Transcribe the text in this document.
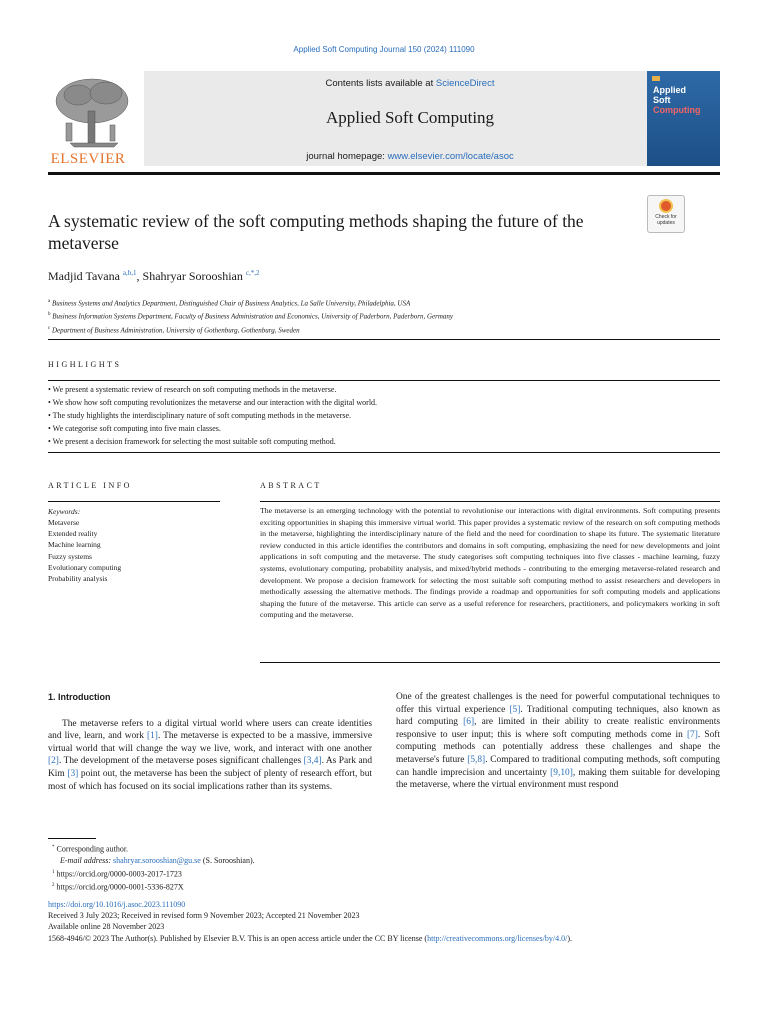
Applied Soft Computing Journal 150 (2024) 111090
ELSEVIER
Contents lists available at ScienceDirect
Applied Soft Computing
journal homepage: www.elsevier.com/locate/asoc
Applied
Soft
Computing
A systematic review of the soft computing methods shaping the future of the metaverse
Check for updates
Madjid Tavana $^{a,b,1}$, Shahryar Sorooshian $^{c,*,2}$
$^a$ Business Systems and Analytics Department, Distinguished Chair of Business Analytics, La Salle University, Philadelphia, USA
$^b$ Business Information Systems Department, Faculty of Business Administration and Economics, University of Paderborn, Paderborn, Germany
$^c$ Department of Business Administration, University of Gothenburg, Gothenburg, Sweden
HIGHLIGHTS
• We present a systematic review of research on soft computing methods in the metaverse.
• We show how soft computing revolutionizes the metaverse and our interaction with the digital world.
• The study highlights the interdisciplinary nature of soft computing methods in the metaverse.
• We categorise soft computing into five main classes.
• We present a decision framework for selecting the most suitable soft computing method.
ARTICLE INFO
Keywords:
Metaverse
Extended reality
Machine learning
Fuzzy systems
Evolutionary computing
Probability analysis
ABSTRACT

The metaverse is an emerging technology with the potential to revolutionise our interactions with digital environments. Soft computing presents exciting opportunities in shaping this immersive virtual world. This paper provides a systematic review of the research on soft computing methods in the metaverse, highlighting the interdisciplinary nature of the field and the need for coordination to shape its future. The systematic literature review conducted in this article identifies the contributors and domains in soft computing, emphasizing the need for new developments and joint applications in soft computing and the metaverse. The study categorises soft computing techniques into five classes - machine learning, fuzzy systems, evolutionary computing, probability analysis, and mixed/hybrid methods - contributing to the emerging metaverse-related research and development. We propose a decision framework for selecting the most suitable soft computing method to assist researchers and developers in methodically assessing the alternative methods. The findings provide a roadmap and opportunities for soft computing models and applications shaping the future of the metaverse. This article can serve as a useful reference for researchers, practitioners, and policymakers working in soft computing and the metaverse.

1. Introduction

The metaverse refers to a digital virtual world where users can create identities and live, learn, and work [1]. The metaverse is expected to be a massive, immersive virtual world that will change the way we live, work, and interact with one another [2]. The development of the metaverse poses significant challenges [3,4]. As Park and Kim [3] point out, the metaverse has been the subject of plenty of research effort, but most of which has focused on its social implications rather than its systems.

One of the greatest challenges is the need for powerful computational techniques to offer this virtual experience [5]. Traditional computing techniques, also known as hard computing [6], are limited in their ability to create realistic environments responsive to user input; this is where soft computing methods come in [7]. Soft computing methods can potentially address these challenges and shape the metaverse's future [5,8]. Compared to traditional computing methods, soft computing can handle imprecision and uncertainty [9,10], making them suitable for developing the metaverse, where the virtual environment must respond

* Corresponding author.
E-mail address: shahryar.sorooshian@gu.se (S. Sorooshian).
$^1$ https://orcid.org/0000-0003-2017-1723
$^2$ https://orcid.org/0000-0001-5336-827X
https://doi.org/10.1016/j.asoc.2023.111090
Received 3 July 2023; Received in revised form 9 November 2023; Accepted 21 November 2023
Available online 28 November 2023
1568-4946/© 2023 The Author(s). Published by Elsevier B.V. This is an open access article under the CC BY license (http://creativecommons.org/licenses/by/4.0/).
